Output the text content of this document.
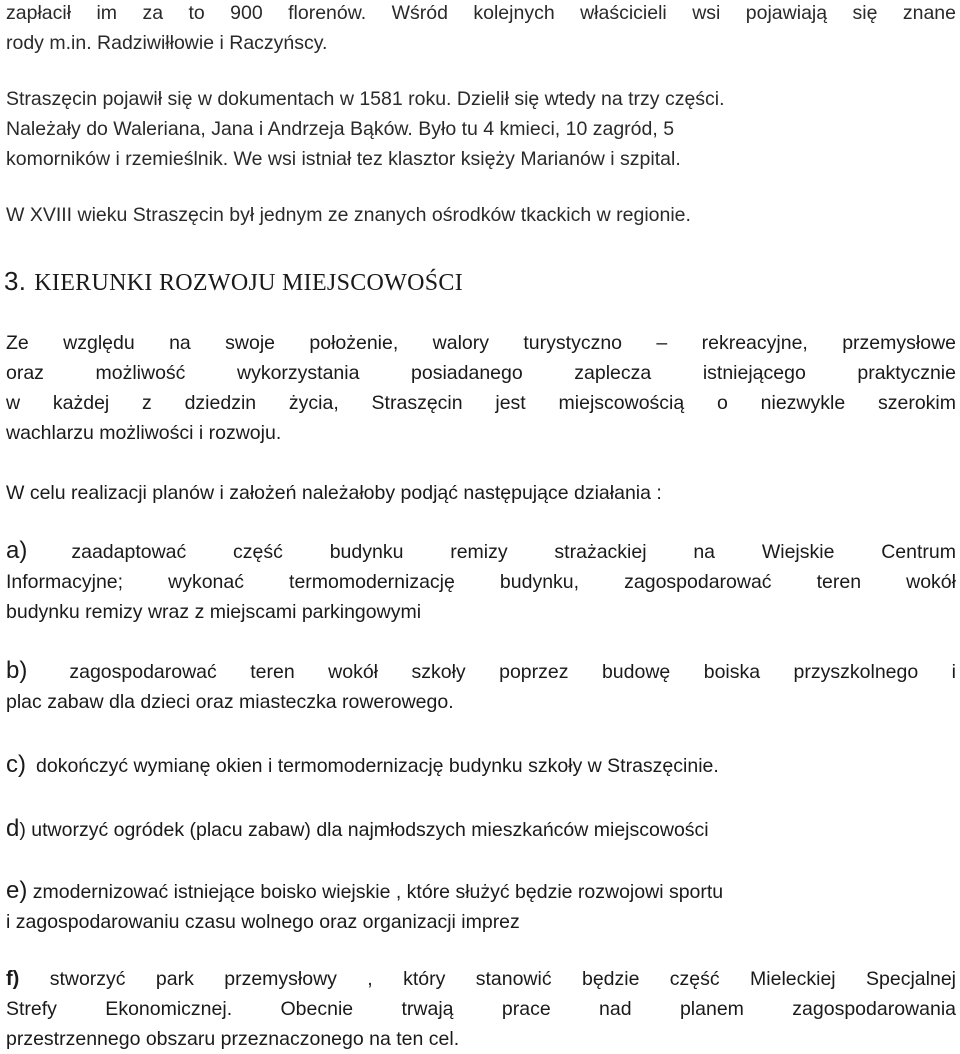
zapłacił im za to 900 florenów. Wśród kolejnych właścicieli wsi pojawiają się znane
rody m.in. Radziwiłłowie i Raczyńscy.
Straszęcin pojawił się w dokumentach w 1581 roku. Dzielił się wtedy na trzy części.
Należały do Waleriana, Jana i Andrzeja Bąków. Było tu 4 kmieci, 10 zagród, 5
komorników i rzemieślnik. We wsi istniał tez klasztor księży Marianów i szpital.
W XVIII wieku Straszęcin był jednym ze znanych ośrodków tkackich w regionie.
3. KIERUNKI ROZWOJU MIEJSCOWOŚCI
Ze względu na swoje położenie, walory turystyczno – rekreacyjne, przemysłowe
oraz możliwość wykorzystania posiadanego zaplecza istniejącego praktycznie
w każdej z dziedzin życia, Straszęcin jest miejscowością o niezwykle szerokim
wachlarzu możliwości i rozwoju.
W celu realizacji planów i założeń należałoby podjąć następujące działania :
a) zaadaptować część budynku remizy strażackiej na Wiejskie Centrum
Informacyjne; wykonać termomodernizację budynku, zagospodarować teren wokół
budynku remizy wraz z miejscami parkingowymi
b) zagospodarować teren wokół szkoły poprzez budowę boiska przyszkolnego i
plac zabaw dla dzieci oraz miasteczka rowerowego.
c) dokończyć wymianę okien i termomodernizację budynku szkoły w Straszęcinie.
d) utworzyć ogródek (placu zabaw) dla najmłodszych mieszkańców miejscowości
e) zmodernizować istniejące boisko wiejskie , które służyć będzie rozwojowi sportu
i zagospodarowaniu czasu wolnego oraz organizacji imprez
f) stworzyć park przemysłowy , który stanowić będzie część Mieleckiej Specjalnej
Strefy Ekonomicznej. Obecnie trwają prace nad planem zagospodarowania
przestrzennego obszaru przeznaczonego na ten cel.
